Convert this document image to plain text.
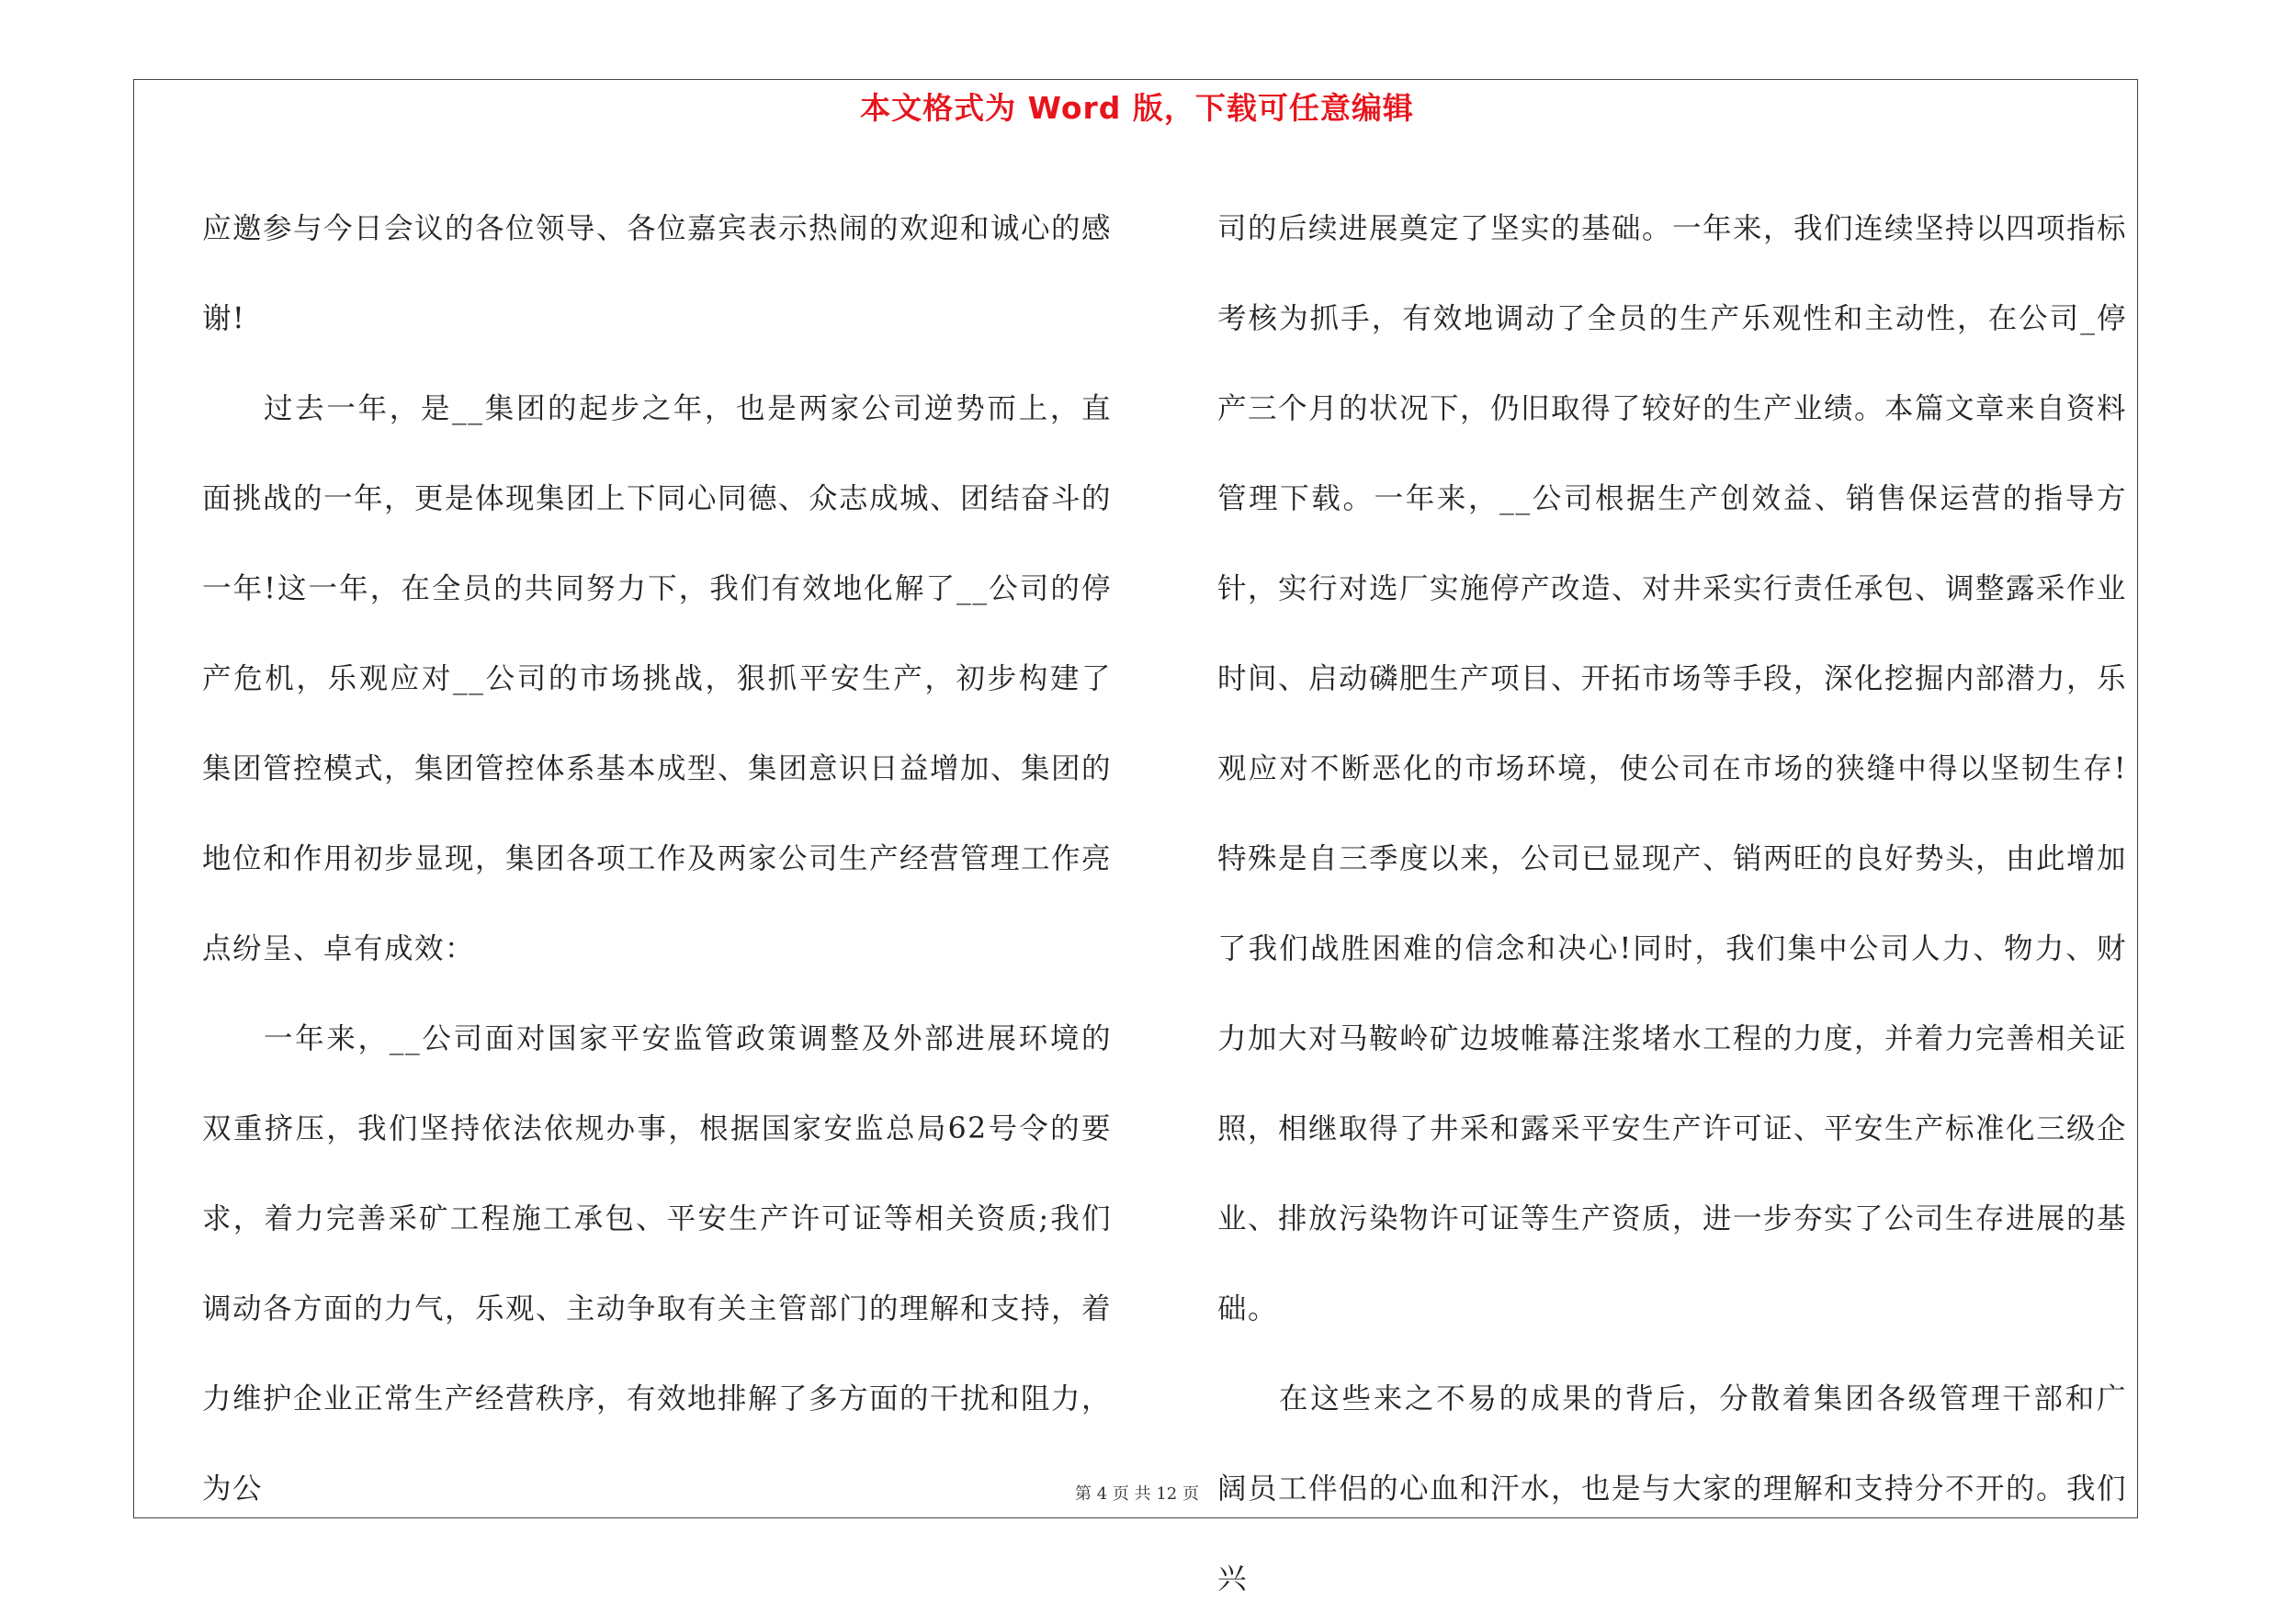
本文格式为 Word 版，下载可任意编辑

应邀参与今日会议的各位领导、各位嘉宾表示热闹的欢迎和诚心的感谢!

过去一年，是__集团的起步之年，也是两家公司逆势而上，直面挑战的一年，更是体现集团上下同心同德、众志成城、团结奋斗的一年!这一年，在全员的共同努力下，我们有效地化解了__公司的停产危机，乐观应对__公司的市场挑战，狠抓平安生产，初步构建了集团管控模式，集团管控体系基本成型、集团意识日益增加、集团的地位和作用初步显现，集团各项工作及两家公司生产经营管理工作亮点纷呈、卓有成效：

一年来，__公司面对国家平安监管政策调整及外部进展环境的双重挤压，我们坚持依法依规办事，根据国家安监总局62号令的要求，着力完善采矿工程施工承包、平安生产许可证等相关资质;我们调动各方面的力气，乐观、主动争取有关主管部门的理解和支持，着力维护企业正常生产经营秩序，有效地排解了多方面的干扰和阻力，为公

司的后续进展奠定了坚实的基础。一年来，我们连续坚持以四项指标考核为抓手，有效地调动了全员的生产乐观性和主动性，在公司_停产三个月的状况下，仍旧取得了较好的生产业绩。本篇文章来自资料管理下载。一年来，__公司根据生产创效益、销售保运营的指导方针，实行对选厂实施停产改造、对井采实行责任承包、调整露采作业时间、启动磷肥生产项目、开拓市场等手段，深化挖掘内部潜力，乐观应对不断恶化的市场环境，使公司在市场的狭缝中得以坚韧生存!特殊是自三季度以来，公司已显现产、销两旺的良好势头，由此增加了我们战胜困难的信念和决心!同时，我们集中公司人力、物力、财力加大对马鞍岭矿边坡帷幕注浆堵水工程的力度，并着力完善相关证照，相继取得了井采和露采平安生产许可证、平安生产标准化三级企业、排放污染物许可证等生产资质，进一步夯实了公司生存进展的基础。

在这些来之不易的成果的背后，分散着集团各级管理干部和广阔员工伴侣的心血和汗水，也是与大家的理解和支持分不开的。我们兴

第 4 页 共 12 页
